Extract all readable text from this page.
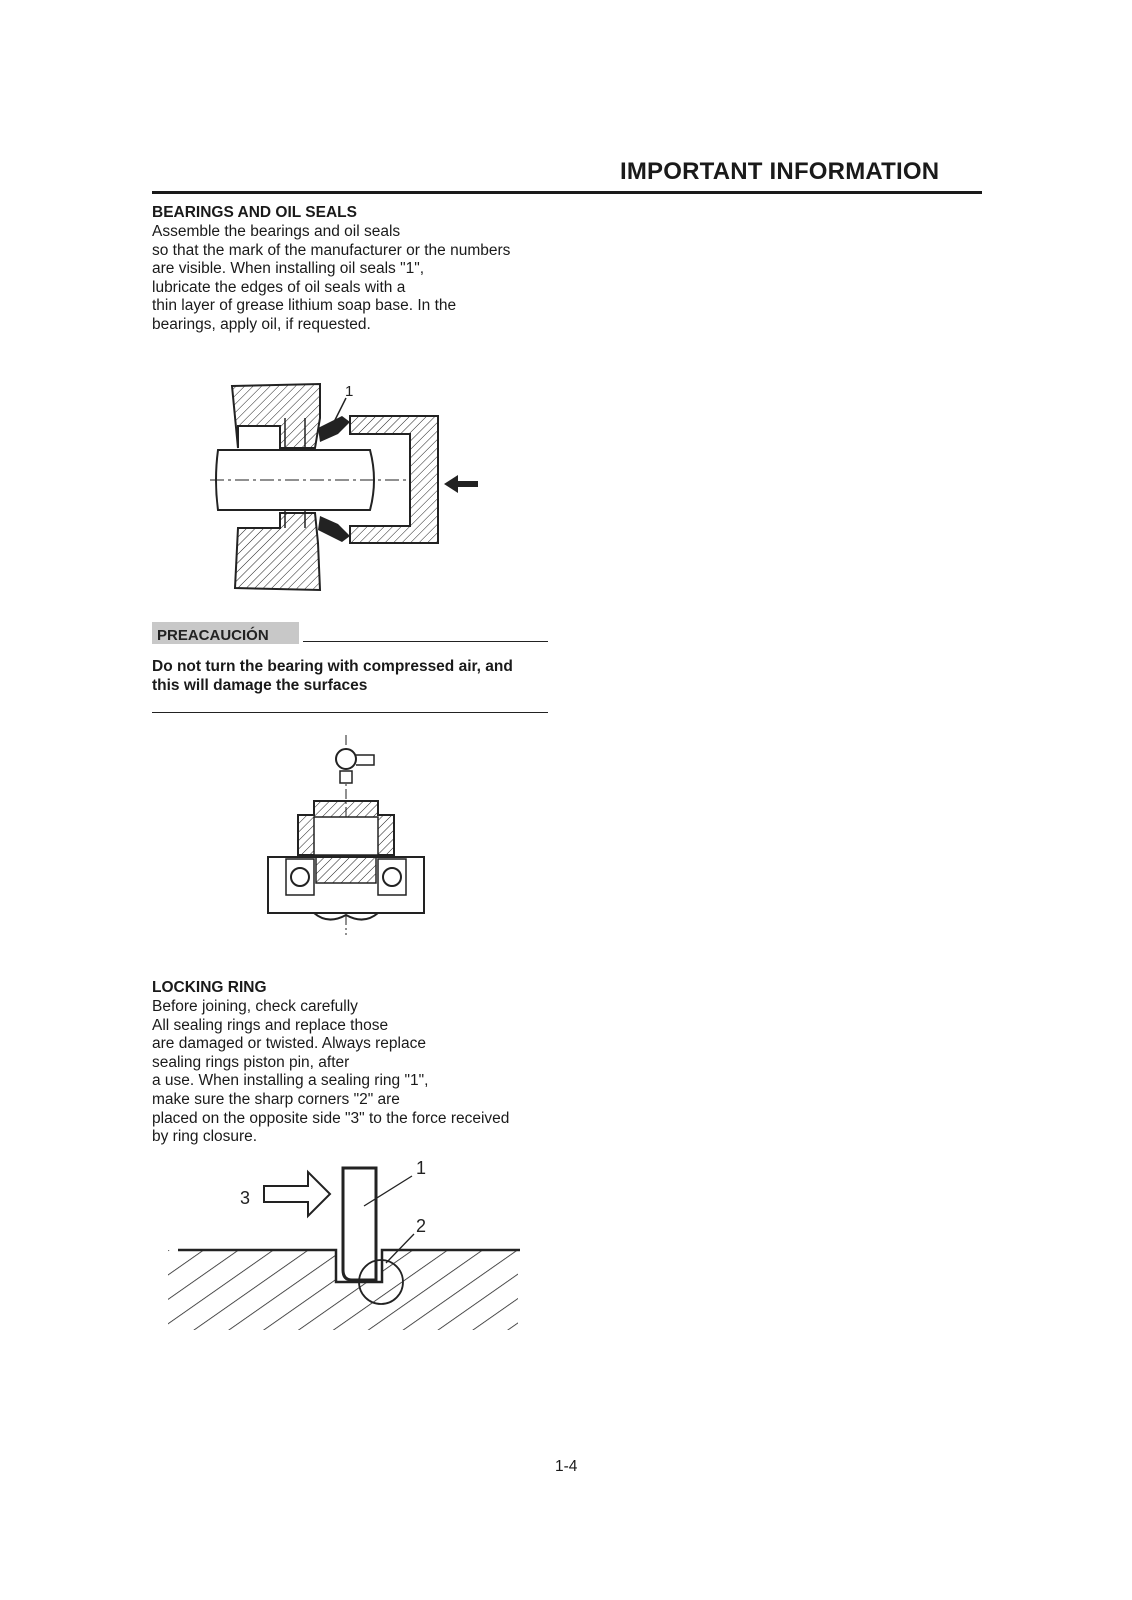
IMPORTANT INFORMATION
BEARINGS AND OIL SEALS
Assemble the bearings and oil seals
so that the mark of the manufacturer or the numbers
are visible. When installing oil seals "1",
lubricate the edges of oil seals with a
thin layer of grease lithium soap base. In the
bearings, apply oil, if requested.
1
PREACAUCIÓN
Do not turn the bearing with compressed air, and
this will damage the surfaces
LOCKING RING
Before joining, check carefully
All sealing rings and replace those
are damaged or twisted. Always replace
sealing rings piston pin, after
a use. When installing a sealing ring "1",
make sure the sharp corners "2" are
placed on the opposite side "3" to the force received
by ring closure.
1
2
3
1-4
